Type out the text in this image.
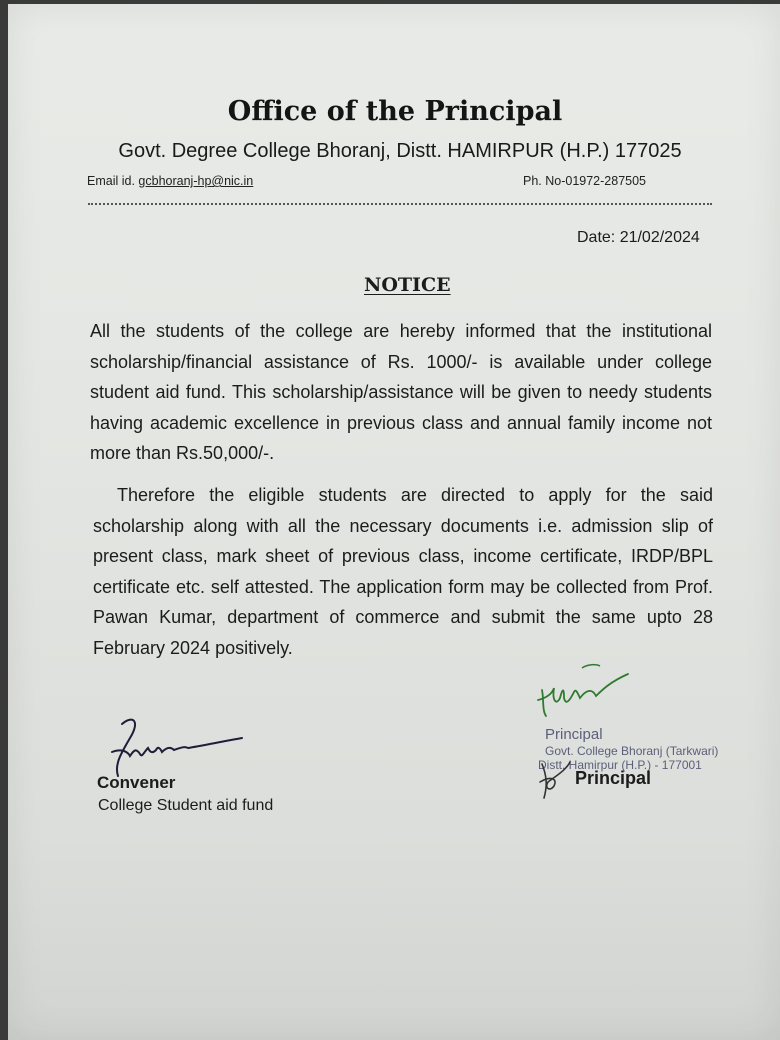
Office of the Principal
Govt. Degree College Bhoranj, Distt. HAMIRPUR (H.P.) 177025
Email id. gcbhoranj-hp@nic.in	Ph. No-01972-287505
Date: 21/02/2024
NOTICE
All the students of the college are hereby informed that the institutional scholarship/financial assistance of Rs. 1000/- is available under college student aid fund. This scholarship/assistance will be given to needy students having academic excellence in previous class and annual family income not more than Rs.50,000/-.
Therefore the eligible students are directed to apply for the said scholarship along with all the necessary documents i.e. admission slip of present class, mark sheet of previous class, income certificate, IRDP/BPL certificate etc. self attested. The application form may be collected from Prof. Pawan Kumar, department of commerce and submit the same upto 28 February 2024 positively.
Principal
Govt. College Bhoranj (Tarkwari)
Distt. Hamirpur (H.P.) - 177001
Principal
Convener
College Student aid fund
